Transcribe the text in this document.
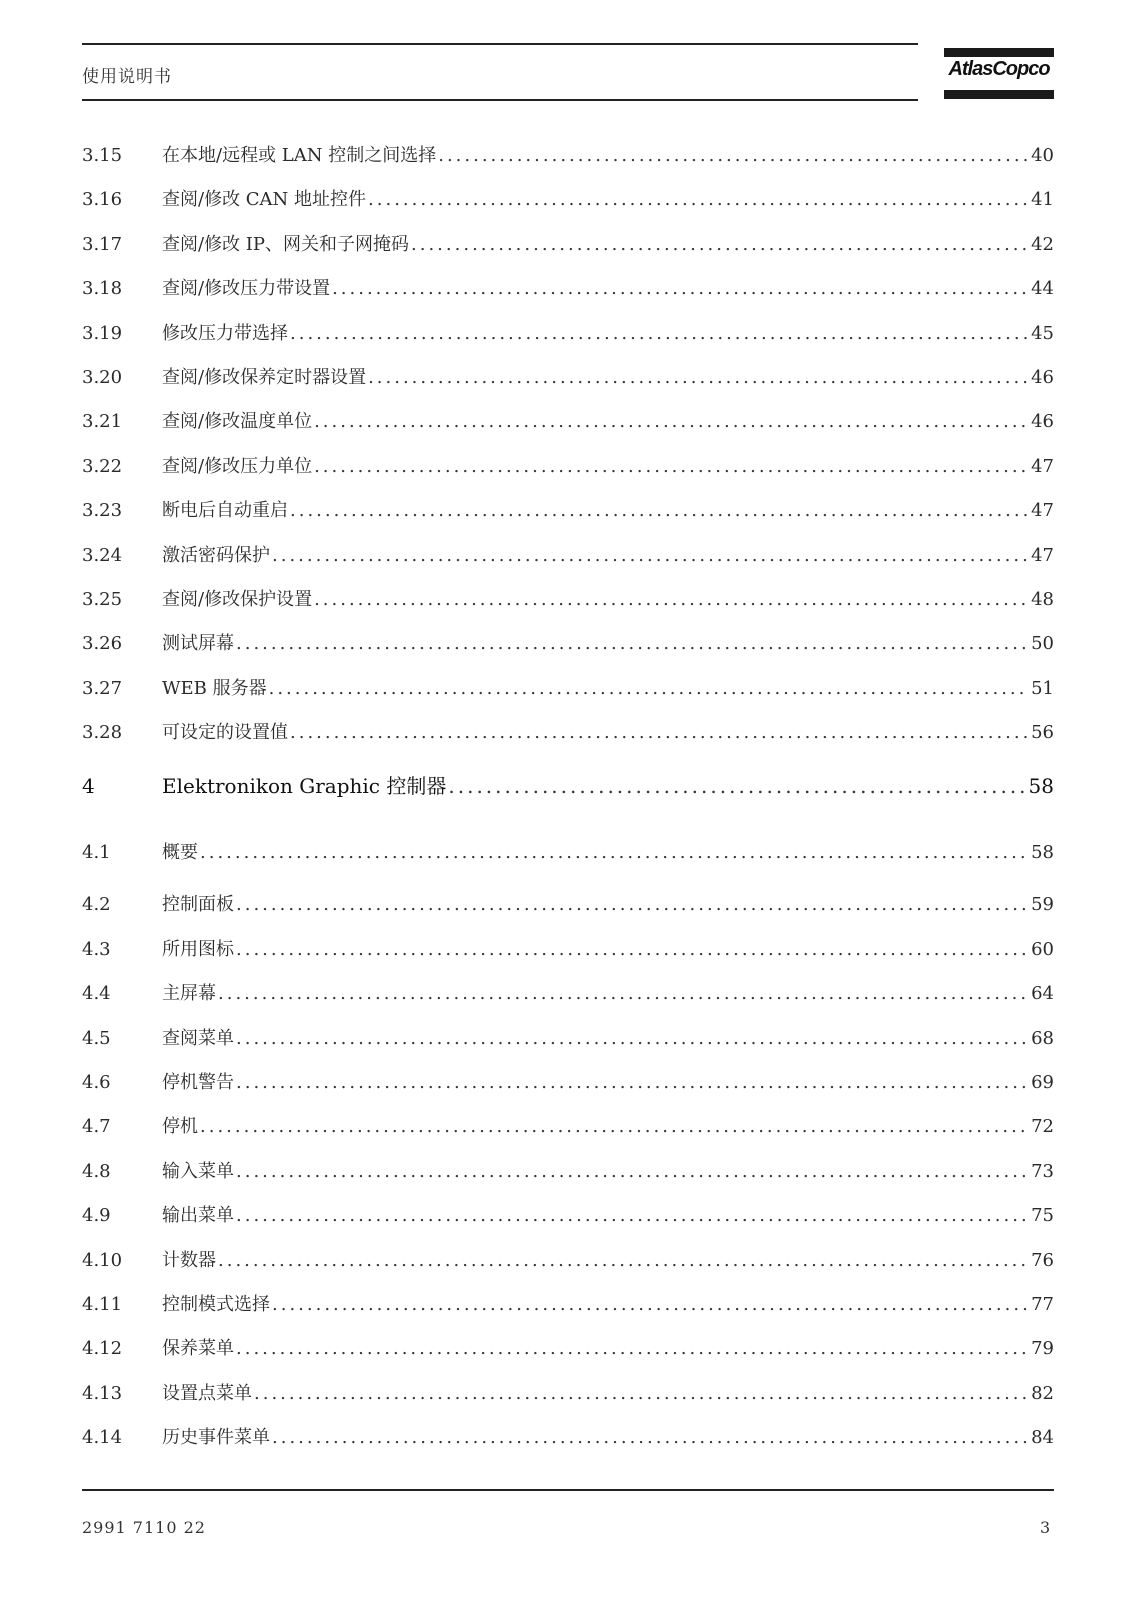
使用说明书	AtlasCopco
3.15	在本地/远程或 LAN 控制之间选择 .....	40
3.16	查阅/修改 CAN 地址控件 .....	41
3.17	查阅/修改 IP、网关和子网掩码 .....	42
3.18	查阅/修改压力带设置 .....	44
3.19	修改压力带选择 .....	45
3.20	查阅/修改保养定时器设置 .....	46
3.21	查阅/修改温度单位 .....	46
3.22	查阅/修改压力单位 .....	47
3.23	断电后自动重启 .....	47
3.24	激活密码保护 .....	47
3.25	查阅/修改保护设置 .....	48
3.26	测试屏幕 .....	50
3.27	WEB 服务器 .....	51
3.28	可设定的设置值 .....	56
4	Elektronikon Graphic 控制器 .....	58
4.1	概要 .....	58
4.2	控制面板 .....	59
4.3	所用图标 .....	60
4.4	主屏幕 .....	64
4.5	查阅菜单 .....	68
4.6	停机警告 .....	69
4.7	停机 .....	72
4.8	输入菜单 .....	73
4.9	输出菜单 .....	75
4.10	计数器 .....	76
4.11	控制模式选择 .....	77
4.12	保养菜单 .....	79
4.13	设置点菜单 .....	82
4.14	历史事件菜单 .....	84
2991 7110 22	3
